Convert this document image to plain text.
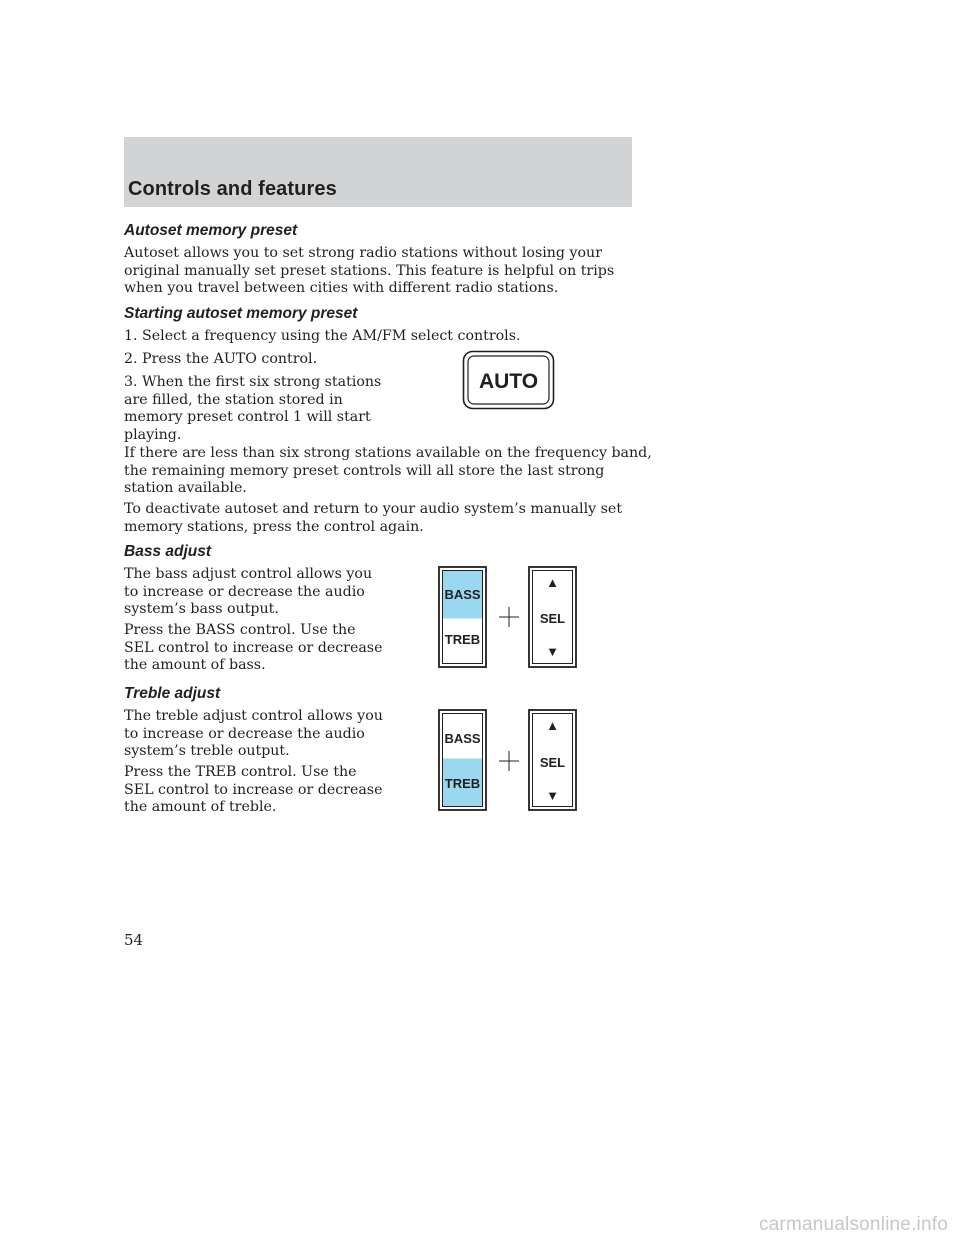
Controls and features
Autoset memory preset
Autoset allows you to set strong radio stations without losing your
original manually set preset stations. This feature is helpful on trips
when you travel between cities with different radio stations.
Starting autoset memory preset
1. Select a frequency using the AM/FM select controls.
2. Press the AUTO control.
3. When the first six strong stations
are filled, the station stored in
memory preset control 1 will start
playing.
If there are less than six strong stations available on the frequency band,
the remaining memory preset controls will all store the last strong
station available.
To deactivate autoset and return to your audio system’s manually set
memory stations, press the control again.
AUTO
Bass adjust
The bass adjust control allows you
to increase or decrease the audio
system’s bass output.
Press the BASS control. Use the
SEL control to increase or decrease
the amount of bass.
BASS
TREB
▲
SEL
▼
Treble adjust
The treble adjust control allows you
to increase or decrease the audio
system’s treble output.
Press the TREB control. Use the
SEL control to increase or decrease
the amount of treble.
BASS
TREB
▲
SEL
▼
54
carmanualsonline.info
